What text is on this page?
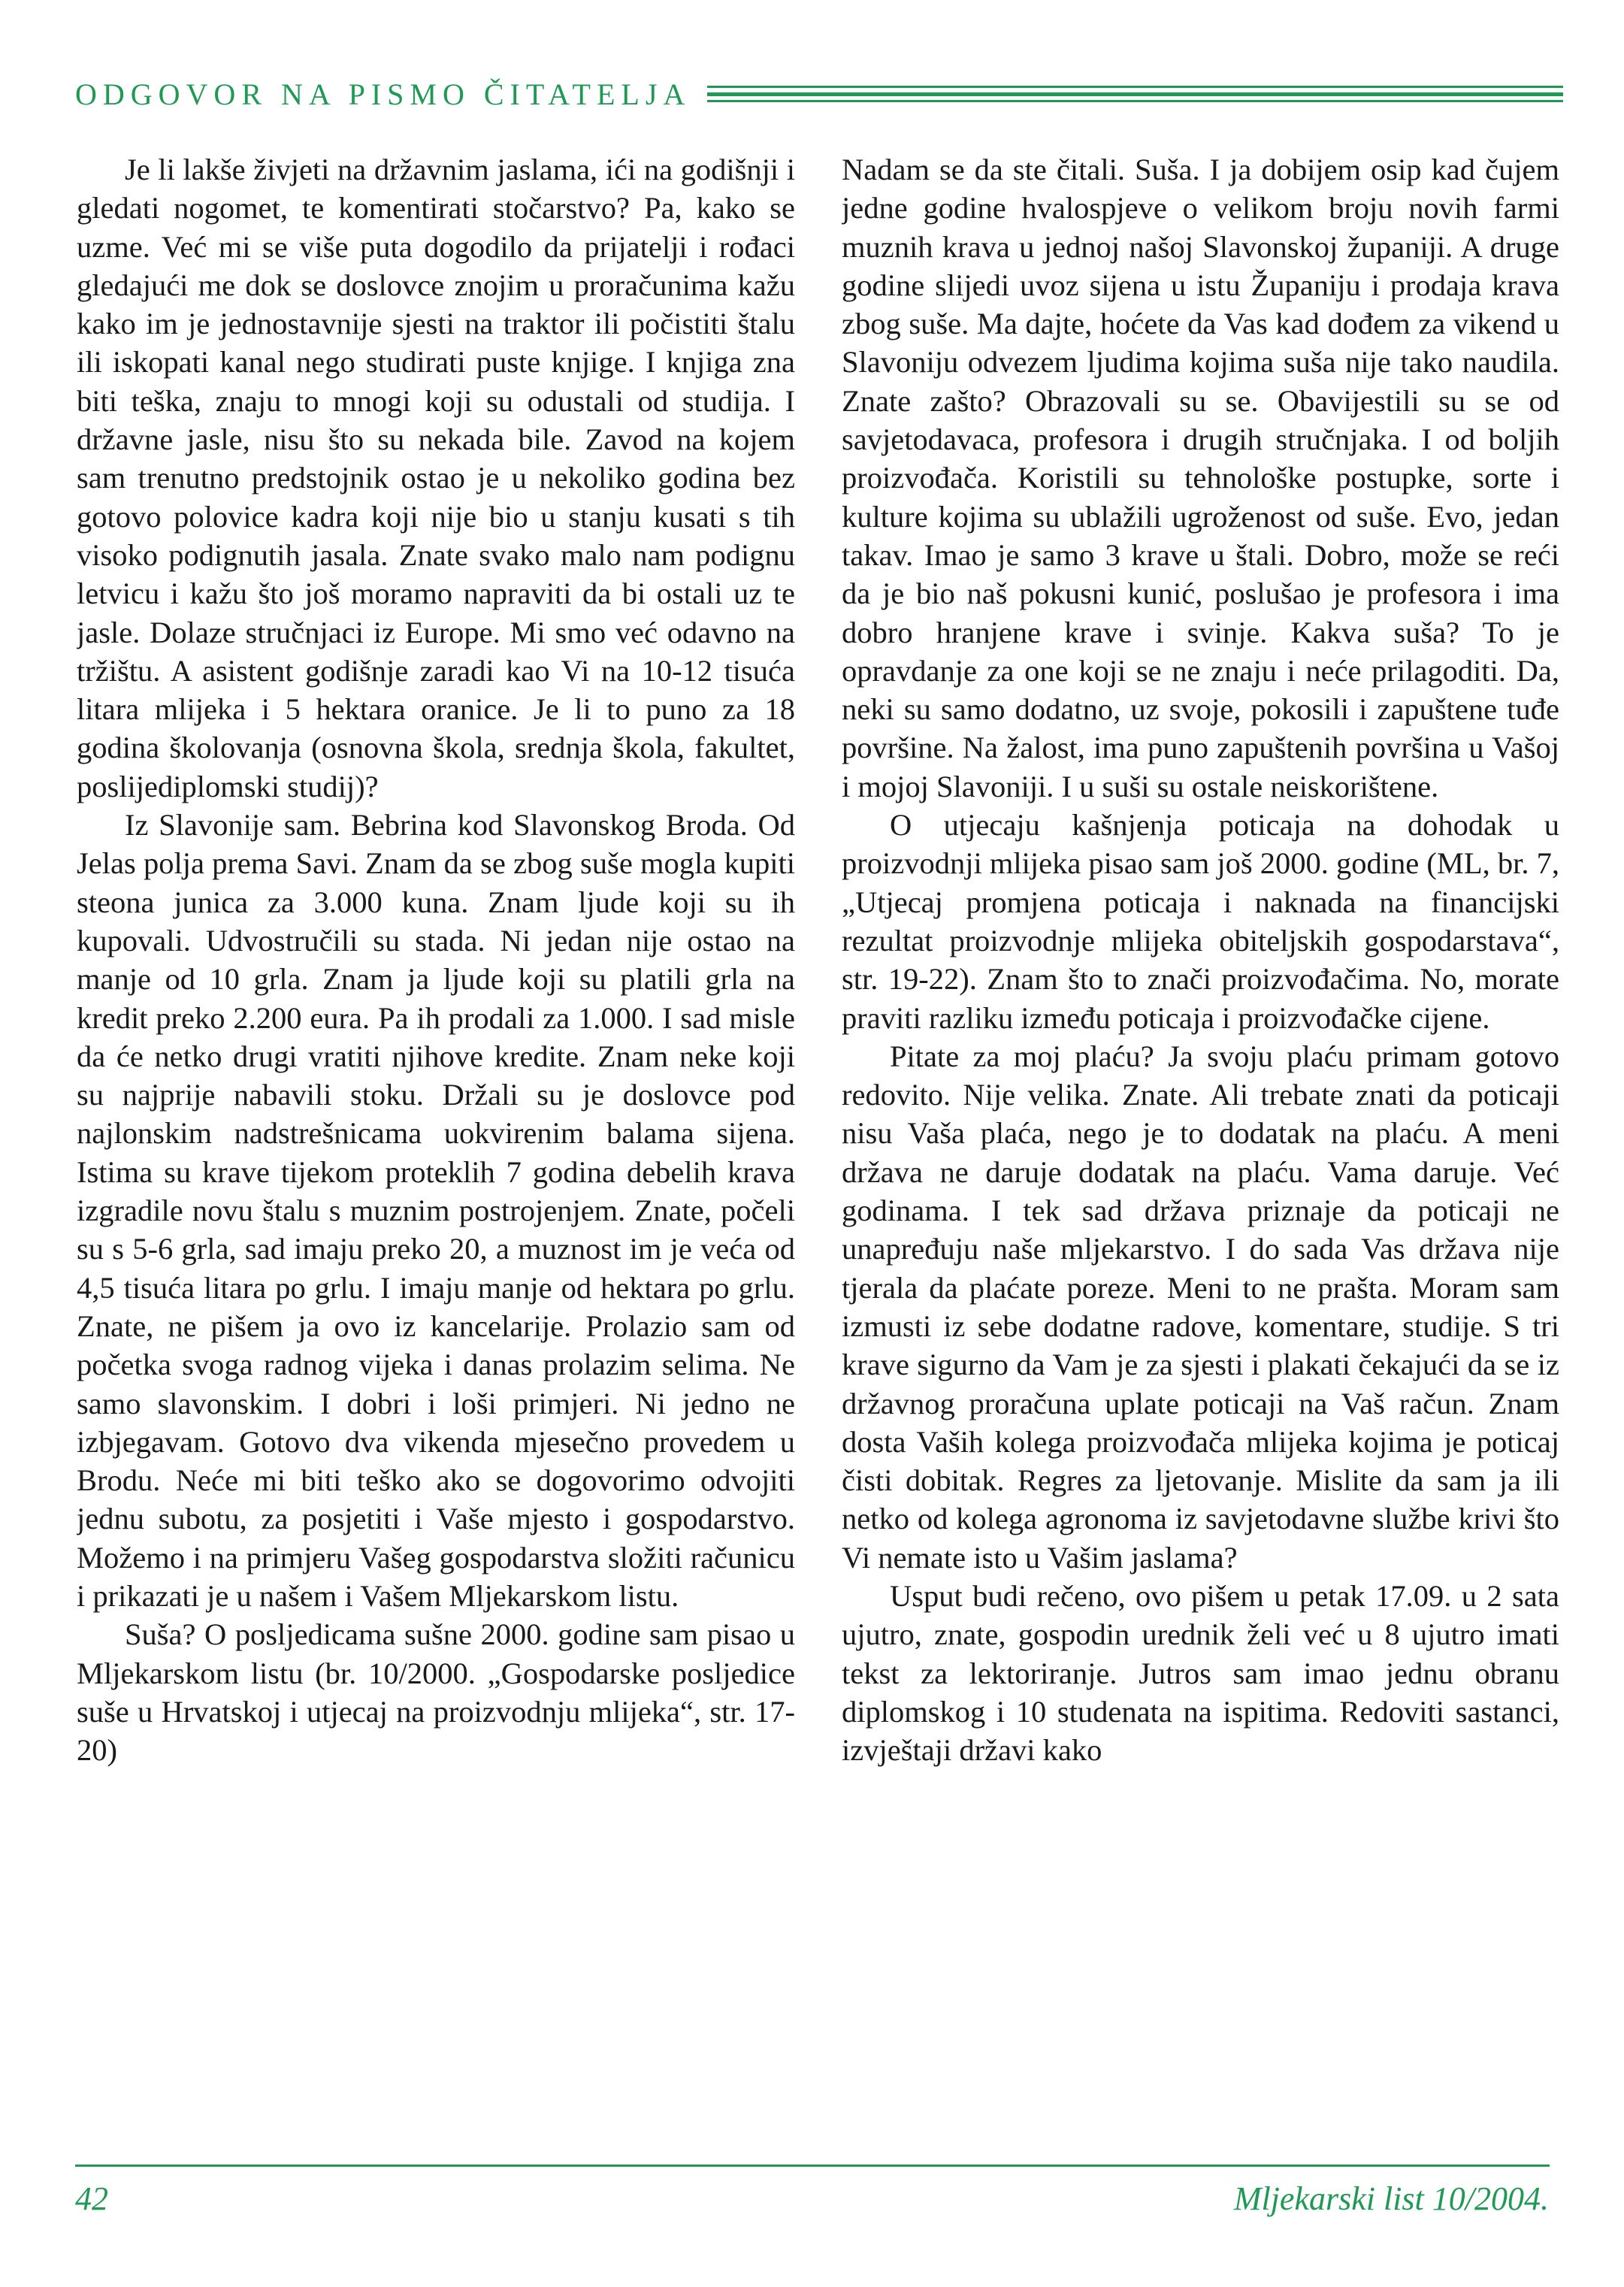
ODGOVOR NA PISMO ČITATELJA

Je li lakše živjeti na državnim jaslama, ići na godišnji i gledati nogomet, te komentirati stočarstvo? Pa, kako se uzme. Već mi se više puta dogodilo da prijatelji i rođaci gledajući me dok se doslovce znojim u proračunima kažu kako im je jednostavnije sjesti na traktor ili počistiti štalu ili iskopati kanal nego studirati puste knjige. I knjiga zna biti teška, znaju to mnogi koji su odustali od studija. I državne jasle, nisu što su nekada bile. Zavod na kojem sam trenutno predstojnik ostao je u nekoliko godina bez gotovo polovice kadra koji nije bio u stanju kusati s tih visoko podignutih jasala. Znate svako malo nam podignu letvicu i kažu što još moramo napraviti da bi ostali uz te jasle. Dolaze stručnjaci iz Europe. Mi smo već odavno na tržištu. A asistent godišnje zaradi kao Vi na 10-12 tisuća litara mlijeka i 5 hektara oranice. Je li to puno za 18 godina školovanja (osnovna škola, srednja škola, fakultet, poslijediplomski studij)?

Iz Slavonije sam. Bebrina kod Slavonskog Broda. Od Jelas polja prema Savi. Znam da se zbog suše mogla kupiti steona junica za 3.000 kuna. Znam ljude koji su ih kupovali. Udvostručili su stada. Ni jedan nije ostao na manje od 10 grla. Znam ja ljude koji su platili grla na kredit preko 2.200 eura. Pa ih prodali za 1.000. I sad misle da će netko drugi vratiti njihove kredite. Znam neke koji su najprije nabavili stoku. Držali su je doslovce pod najlonskim nadstrešnicama uokvirenim balama sijena. Istima su krave tijekom proteklih 7 godina debelih krava izgradile novu štalu s muznim postrojenjem. Znate, počeli su s 5-6 grla, sad imaju preko 20, a muznost im je veća od 4,5 tisuća litara po grlu. I imaju manje od hektara po grlu. Znate, ne pišem ja ovo iz kancelarije. Prolazio sam od početka svoga radnog vijeka i danas prolazim selima. Ne samo slavonskim. I dobri i loši primjeri. Ni jedno ne izbjegavam. Gotovo dva vikenda mjesečno provedem u Brodu. Neće mi biti teško ako se dogovorimo odvojiti jednu subotu, za posjetiti i Vaše mjesto i gospodarstvo. Možemo i na primjeru Vašeg gospodarstva složiti računicu i prikazati je u našem i Vašem Mljekarskom listu.

Suša? O posljedicama sušne 2000. godine sam pisao u Mljekarskom listu (br. 10/2000. „Gospodarske posljedice suše u Hrvatskoj i utjecaj na proizvodnju mlijeka“, str. 17-20)

Nadam se da ste čitali. Suša. I ja dobijem osip kad čujem jedne godine hvalospjeve o velikom broju novih farmi muznih krava u jednoj našoj Slavonskoj županiji. A druge godine slijedi uvoz sijena u istu Županiju i prodaja krava zbog suše. Ma dajte, hoćete da Vas kad dođem za vikend u Slavoniju odvezem ljudima kojima suša nije tako naudila. Znate zašto? Obrazovali su se. Obavijestili su se od savjetodavaca, profesora i drugih stručnjaka. I od boljih proizvođača. Koristili su tehnološke postupke, sorte i kulture kojima su ublažili ugroženost od suše. Evo, jedan takav. Imao je samo 3 krave u štali. Dobro, može se reći da je bio naš pokusni kunić, poslušao je profesora i ima dobro hranjene krave i svinje. Kakva suša? To je opravdanje za one koji se ne znaju i neće prilagoditi. Da, neki su samo dodatno, uz svoje, pokosili i zapuštene tuđe površine. Na žalost, ima puno zapuštenih površina u Vašoj i mojoj Slavoniji. I u suši su ostale neiskorištene.

O utjecaju kašnjenja poticaja na dohodak u proizvodnji mlijeka pisao sam još 2000. godine (ML, br. 7, „Utjecaj promjena poticaja i naknada na financijski rezultat proizvodnje mlijeka obiteljskih gospodarstava“, str. 19-22). Znam što to znači proizvođačima. No, morate praviti razliku između poticaja i proizvođačke cijene.

Pitate za moj plaću? Ja svoju plaću primam gotovo redovito. Nije velika. Znate. Ali trebate znati da poticaji nisu Vaša plaća, nego je to dodatak na plaću. A meni država ne daruje dodatak na plaću. Vama daruje. Već godinama. I tek sad država priznaje da poticaji ne unapređuju naše mljekarstvo. I do sada Vas država nije tjerala da plaćate poreze. Meni to ne prašta. Moram sam izmusti iz sebe dodatne radove, komentare, studije. S tri krave sigurno da Vam je za sjesti i plakati čekajući da se iz državnog proračuna uplate poticaji na Vaš račun. Znam dosta Vaših kolega proizvođača mlijeka kojima je poticaj čisti dobitak. Regres za ljetovanje. Mislite da sam ja ili netko od kolega agronoma iz savjetodavne službe krivi što Vi nemate isto u Vašim jaslama?

Usput budi rečeno, ovo pišem u petak 17.09. u 2 sata ujutro, znate, gospodin urednik želi već u 8 ujutro imati tekst za lektoriranje. Jutros sam imao jednu obranu diplomskog i 10 studenata na ispitima. Redoviti sastanci, izvještaji državi kako

42	Mljekarski list 10/2004.
